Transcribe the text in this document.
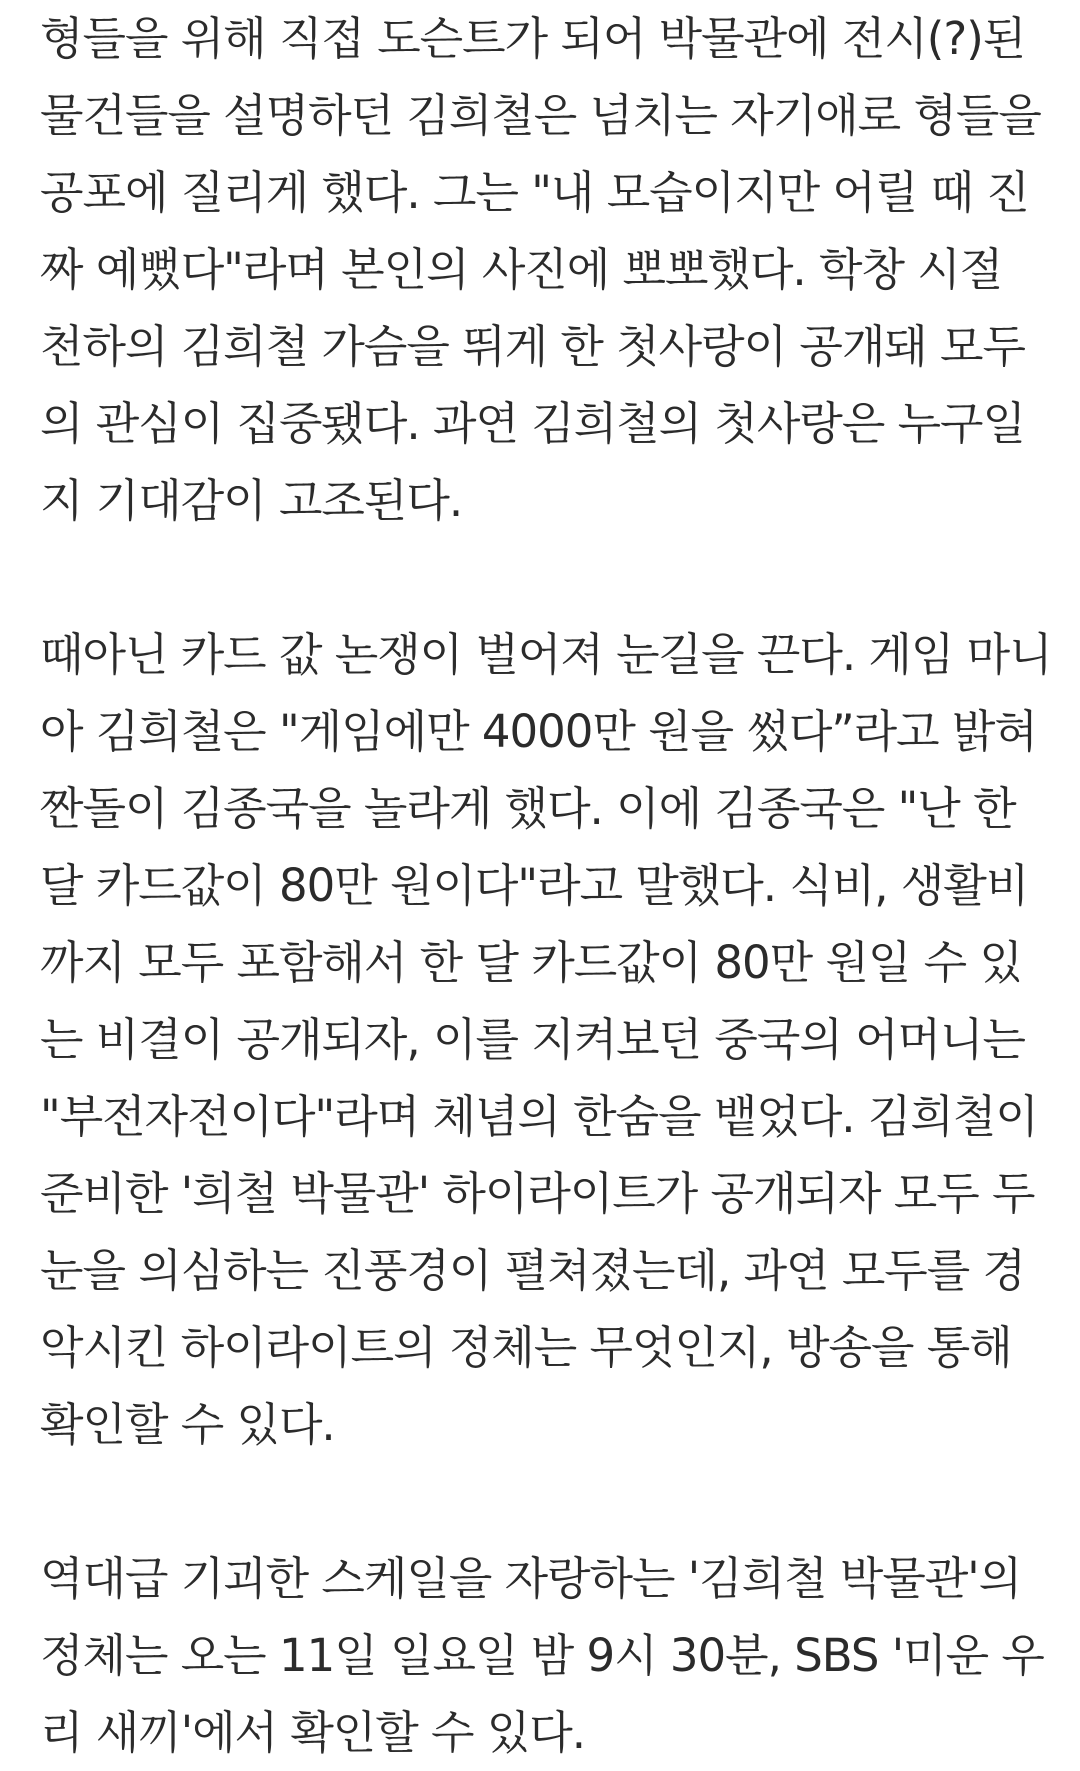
형들을 위해 직접 도슨트가 되어 박물관에 전시(?)된
물건들을 설명하던 김희철은 넘치는 자기애로 형들을
공포에 질리게 했다. 그는 "내 모습이지만 어릴 때 진
짜 예뻤다"라며 본인의 사진에 뽀뽀했다. 학창 시절
천하의 김희철 가슴을 뛰게 한 첫사랑이 공개돼 모두
의 관심이 집중됐다. 과연 김희철의 첫사랑은 누구일
지 기대감이 고조된다.
때아닌 카드 값 논쟁이 벌어져 눈길을 끈다. 게임 마니
아 김희철은 "게임에만 4000만 원을 썼다”라고 밝혀
짠돌이 김종국을 놀라게 했다. 이에 김종국은 "난 한
달 카드값이 80만 원이다"라고 말했다. 식비, 생활비
까지 모두 포함해서 한 달 카드값이 80만 원일 수 있
는 비결이 공개되자, 이를 지켜보던 중국의 어머니는
"부전자전이다"라며 체념의 한숨을 뱉었다. 김희철이
준비한 '희철 박물관' 하이라이트가 공개되자 모두 두
눈을 의심하는 진풍경이 펼쳐졌는데, 과연 모두를 경
악시킨 하이라이트의 정체는 무엇인지, 방송을 통해
확인할 수 있다.
역대급 기괴한 스케일을 자랑하는 '김희철 박물관'의
정체는 오는 11일 일요일 밤 9시 30분, SBS '미운 우
리 새끼'에서 확인할 수 있다.
